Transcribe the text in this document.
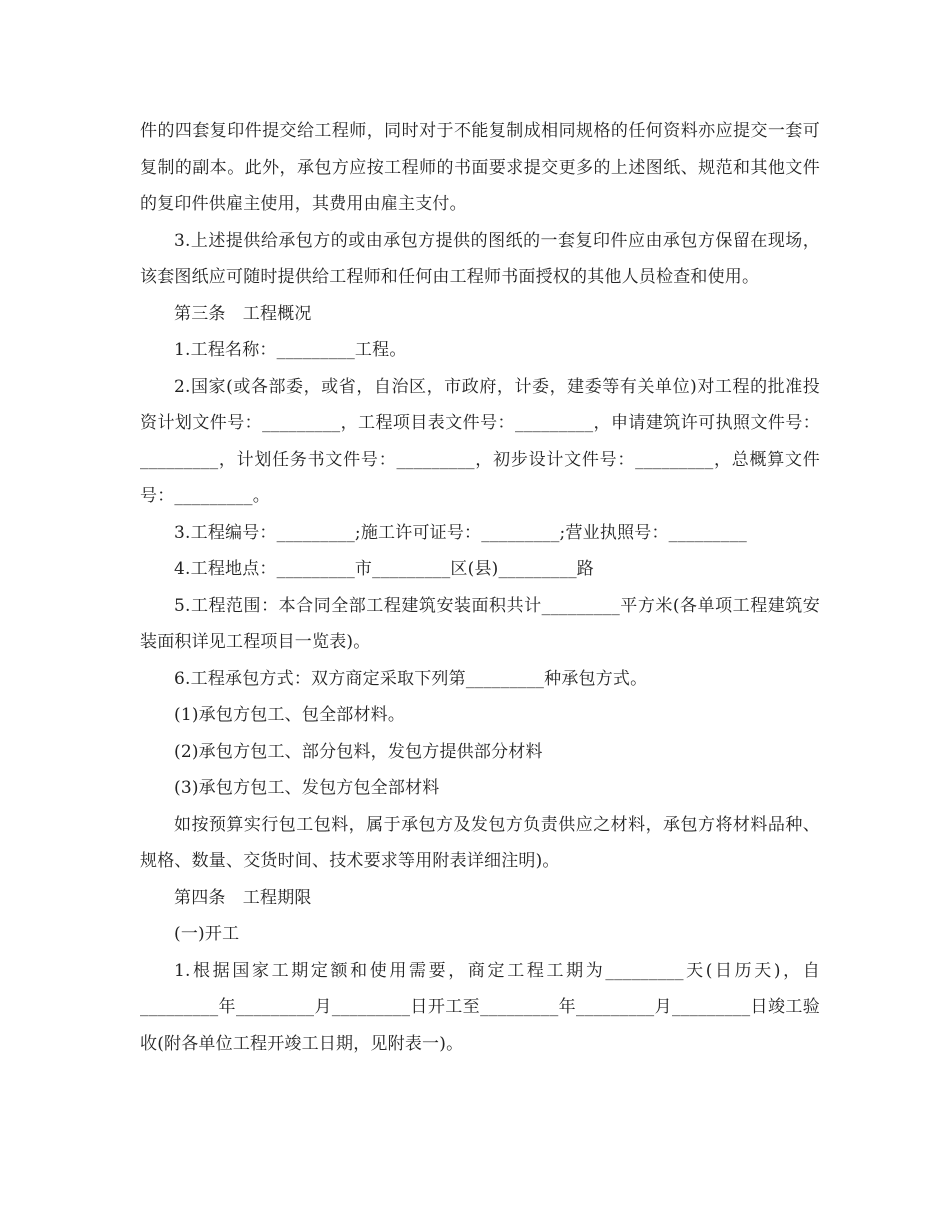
件的四套复印件提交给工程师，同时对于不能复制成相同规格的任何资料亦应提交一套可复制的副本。此外，承包方应按工程师的书面要求提交更多的上述图纸、规范和其他文件的复印件供雇主使用，其费用由雇主支付。

3.上述提供给承包方的或由承包方提供的图纸的一套复印件应由承包方保留在现场，该套图纸应可随时提供给工程师和任何由工程师书面授权的其他人员检查和使用。

第三条　工程概况

1.工程名称：_________工程。

2.国家(或各部委，或省，自治区，市政府，计委，建委等有关单位)对工程的批准投资计划文件号：_________，工程项目表文件号：_________，申请建筑许可执照文件号：_________，计划任务书文件号：_________，初步设计文件号：_________，总概算文件号：_________。

3.工程编号：_________;施工许可证号：_________;营业执照号：_________

4.工程地点：_________市_________区(县)_________路

5.工程范围：本合同全部工程建筑安装面积共计_________平方米(各单项工程建筑安装面积详见工程项目一览表)。

6.工程承包方式：双方商定采取下列第_________种承包方式。

(1)承包方包工、包全部材料。

(2)承包方包工、部分包料，发包方提供部分材料

(3)承包方包工、发包方包全部材料

如按预算实行包工包料，属于承包方及发包方负责供应之材料，承包方将材料品种、规格、数量、交货时间、技术要求等用附表详细注明)。

第四条　工程期限

(一)开工

1.根据国家工期定额和使用需要，商定工程工期为_________天(日历天)，自_________年_________月_________日开工至_________年_________月_________日竣工验收(附各单位工程开竣工日期，见附表一)。
